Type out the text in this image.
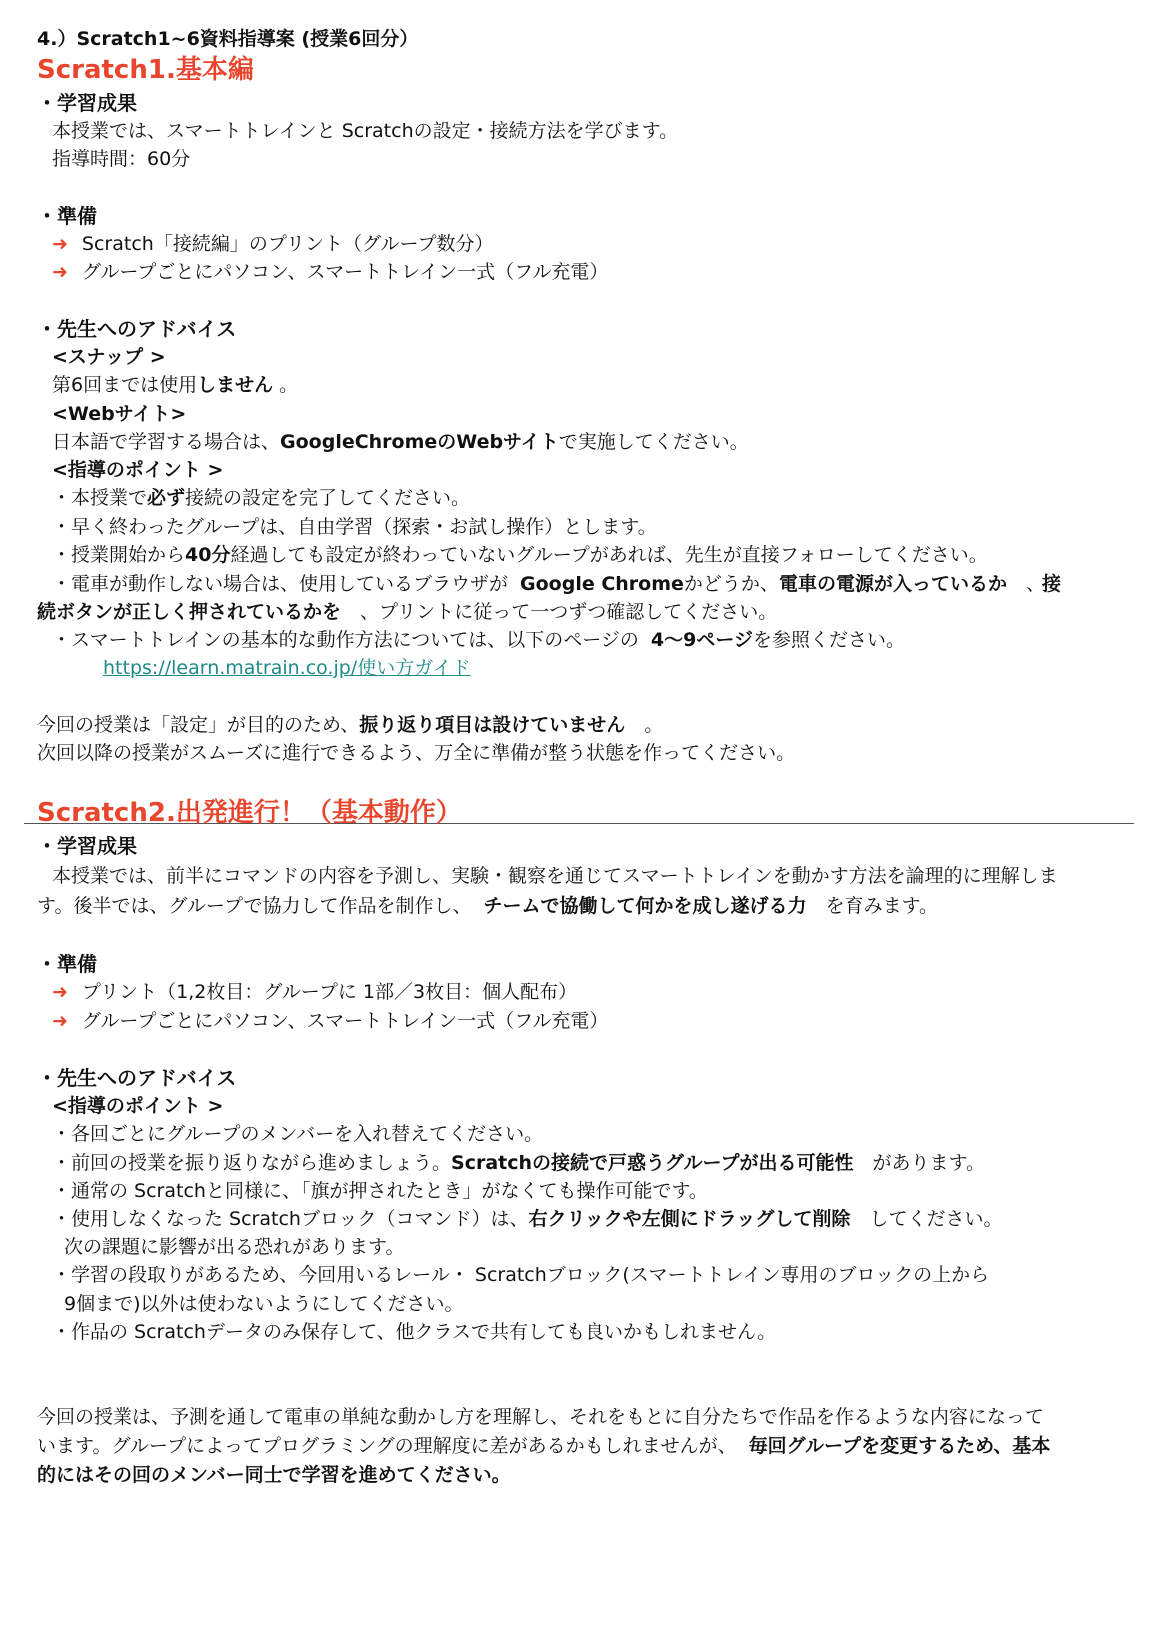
4.）Scratch1~6資料指導案 (授業6回分）
Scratch1.基本編
・学習成果
本授業では、スマートトレインと Scratchの設定・接続方法を学びます。
指導時間：60分
・準備
➜ Scratch「接続編」のプリント（グループ数分）
➜ グループごとにパソコン、スマートトレイン一式（フル充電）
・先生へのアドバイス
<スナップ >
第6回までは使用しません 。
<Webサイト>
日本語で学習する場合は、GoogleChromeのWebサイトで実施してください。
<指導のポイント >
・本授業で必ず接続の設定を完了してください。
・早く終わったグループは、自由学習（探索・お試し操作）とします。
・授業開始から40分経過しても設定が終わっていないグループがあれば、先生が直接フォローしてください。
・電車が動作しない場合は、使用しているブラウザが Google Chromeかどうか、電車の電源が入っているか　、
接
続ボタンが正しく押されているかを　、プリントに従って一つずつ確認してください。
・スマートトレインの基本的な動作方法については、以下のページの 4～9ページを参照ください。
https://learn.matrain.co.jp/使い方ガイド
今回の授業は「設定」が目的のため、振り返り項目は設けていません　。
次回以降の授業がスムーズに進行できるよう、万全に準備が整う状態を作ってください。
Scratch2.出発進行！（基本動作）
・学習成果
本授業では、前半にコマンドの内容を予測し、実験・観察を通じてスマートトレインを動かす方法を論理的に理解しま
す。後半では、グループで協力して作品を制作し、 チームで協働して何かを成し遂げる力　を育みます。
・準備
➜ プリント（1,2枚目：グループに 1部／3枚目：個人配布）
➜ グループごとにパソコン、スマートトレイン一式（フル充電）
・先生へのアドバイス
<指導のポイント >
・各回ごとにグループのメンバーを入れ替えてください。
・前回の授業を振り返りながら進めましょう。Scratchの接続で戸惑うグループが出る可能性　があります。
・通常の Scratchと同様に、「旗が押されたとき」がなくても操作可能です。
・使用しなくなった Scratchブロック（コマンド）は、右クリックや左側にドラッグして削除　してください。
次の課題に影響が出る恐れがあります。
・学習の段取りがあるため、今回用いるレール・ Scratchブロック(スマートトレイン専用のブロックの上から
9個まで)以外は使わないようにしてください。
・作品の Scratchデータのみ保存して、他クラスで共有しても良いかもしれません。
今回の授業は、予測を通して電車の単純な動かし方を理解し、それをもとに自分たちで作品を作るような内容になって
います。グループによってプログラミングの理解度に差があるかもしれませんが、 毎回グループを変更するため、基本
的にはその回のメンバー同士で学習を進めてください。
